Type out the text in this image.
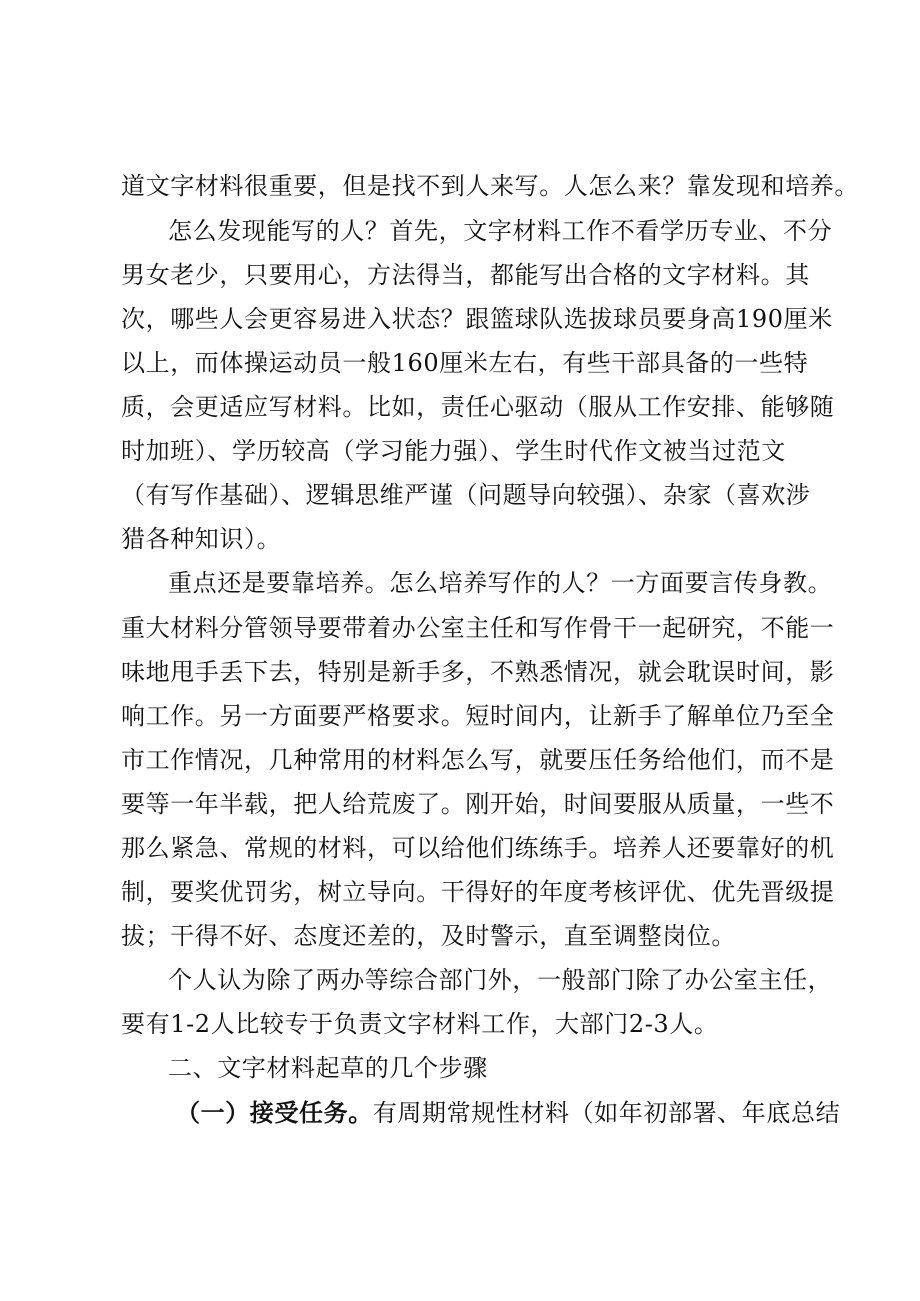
道文字材料很重要，但是找不到人来写。人怎么来？靠发现和培养。
怎么发现能写的人？首先，文字材料工作不看学历专业、不分
男女老少，只要用心，方法得当，都能写出合格的文字材料。其
次，哪些人会更容易进入状态？跟篮球队选拔球员要身高190厘米
以上，而体操运动员一般160厘米左右，有些干部具备的一些特
质，会更适应写材料。比如，责任心驱动（服从工作安排、能够随
时加班）、学历较高（学习能力强）、学生时代作文被当过范文
（有写作基础）、逻辑思维严谨（问题导向较强）、杂家（喜欢涉
猎各种知识）。
重点还是要靠培养。怎么培养写作的人？一方面要言传身教。
重大材料分管领导要带着办公室主任和写作骨干一起研究，不能一
味地甩手丢下去，特别是新手多，不熟悉情况，就会耽误时间，影
响工作。另一方面要严格要求。短时间内，让新手了解单位乃至全
市工作情况，几种常用的材料怎么写，就要压任务给他们，而不是
要等一年半载，把人给荒废了。刚开始，时间要服从质量，一些不
那么紧急、常规的材料，可以给他们练练手。培养人还要靠好的机
制，要奖优罚劣，树立导向。干得好的年度考核评优、优先晋级提
拔；干得不好、态度还差的，及时警示，直至调整岗位。
个人认为除了两办等综合部门外，一般部门除了办公室主任，
要有1-2人比较专于负责文字材料工作，大部门2-3人。
二、文字材料起草的几个步骤
（一）接受任务。有周期常规性材料（如年初部署、年底总结
